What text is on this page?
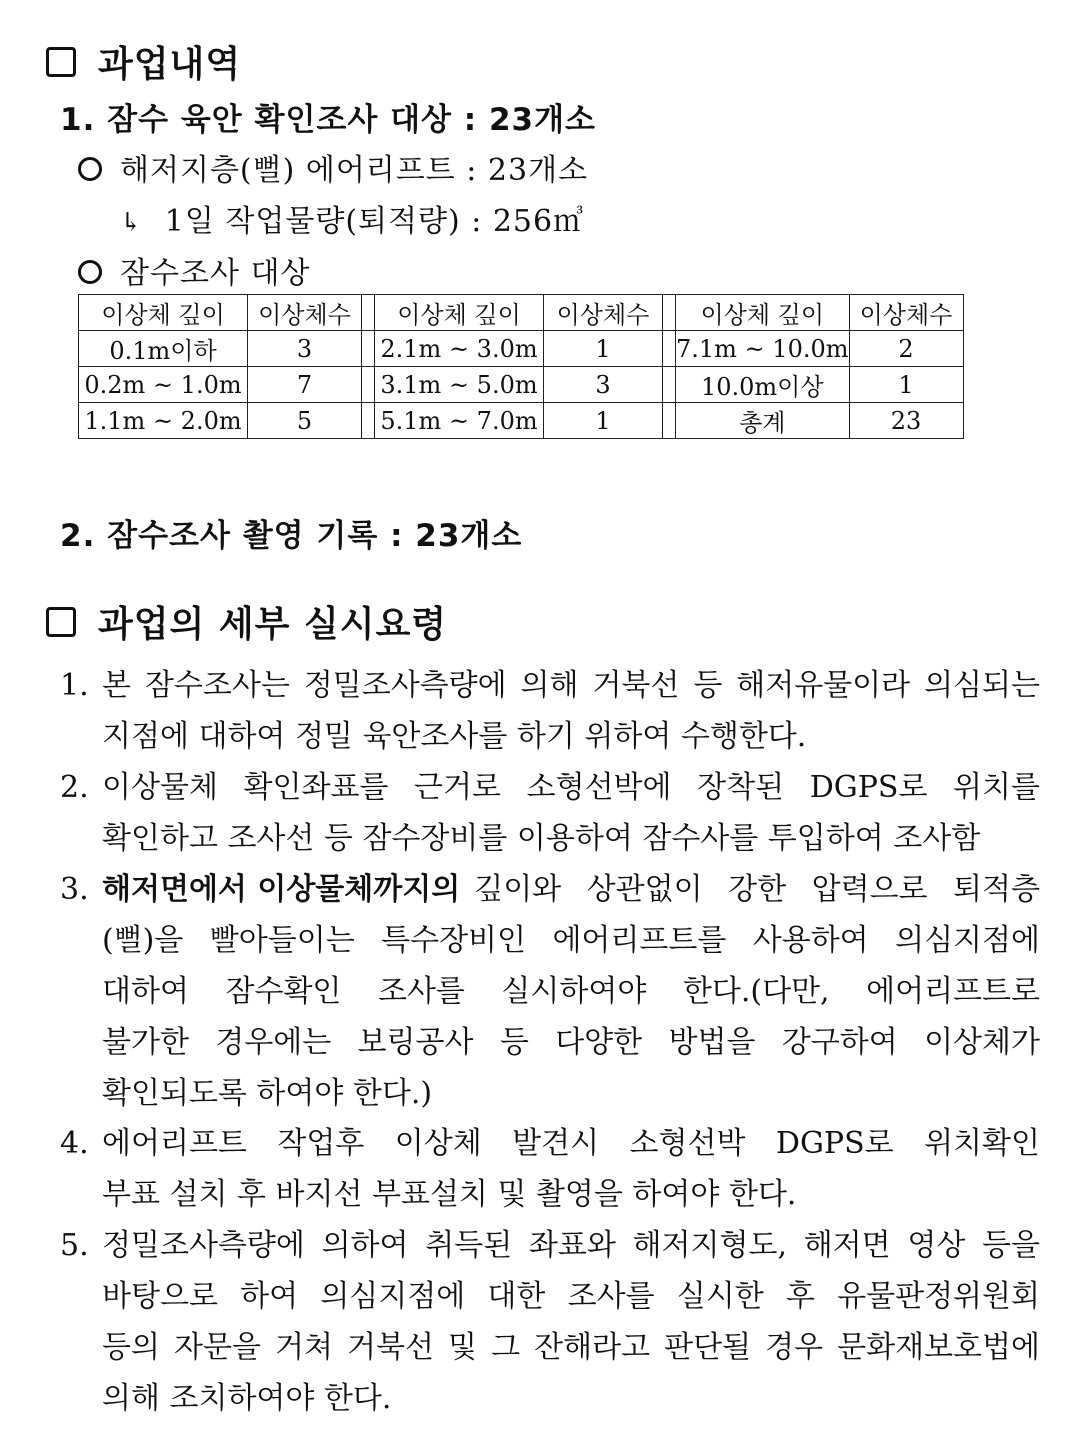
과업내역
1. 잠수 육안 확인조사 대상 : 23개소
해저지층(뻘) 에어리프트 : 23개소
↳ 1일 작업물량(퇴적량) : 256㎥
잠수조사 대상
이상체 깊이	이상체수		이상체 깊이	이상체수		이상체 깊이	이상체수
0.1m이하	3		2.1m ~ 3.0m	1		7.1m ~ 10.0m	2
0.2m ~ 1.0m	7		3.1m ~ 5.0m	3		10.0m이상	1
1.1m ~ 2.0m	5		5.1m ~ 7.0m	1		총계	23
2. 잠수조사 촬영 기록 : 23개소
과업의 세부 실시요령
1. 본 잠수조사는 정밀조사측량에 의해 거북선 등 해저유물이라 의심되는
지점에 대하여 정밀 육안조사를 하기 위하여 수행한다.
2. 이상물체 확인좌표를 근거로 소형선박에 장착된 DGPS로 위치를
확인하고 조사선 등 잠수장비를 이용하여 잠수사를 투입하여 조사함
3. 해저면에서 이상물체까지의 깊이와 상관없이 강한 압력으로 퇴적층
(뻘)을 빨아들이는 특수장비인 에어리프트를 사용하여 의심지점에
대하여 잠수확인 조사를 실시하여야 한다.(다만, 에어리프트로
불가한 경우에는 보링공사 등 다양한 방법을 강구하여 이상체가
확인되도록 하여야 한다.)
4. 에어리프트 작업후 이상체 발견시 소형선박 DGPS로 위치확인
부표 설치 후 바지선 부표설치 및 촬영을 하여야 한다.
5. 정밀조사측량에 의하여 취득된 좌표와 해저지형도, 해저면 영상 등을
바탕으로 하여 의심지점에 대한 조사를 실시한 후 유물판정위원회
등의 자문을 거쳐 거북선 및 그 잔해라고 판단될 경우 문화재보호법에
의해 조치하여야 한다.
